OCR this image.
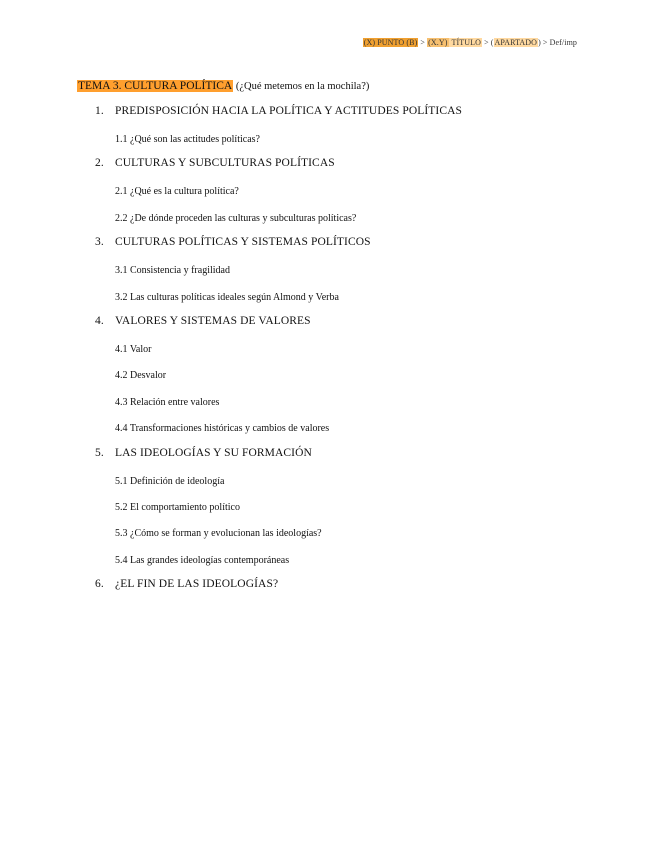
(X) PUNTO (B) > (X.Y) TÍTULO > (APARTADO) > Def/imp
TEMA 3. CULTURA POLÍTICA (¿Qué metemos en la mochila?)
1. PREDISPOSICIÓN HACIA LA POLÍTICA Y ACTITUDES POLÍTICAS
1.1 ¿Qué son las actitudes políticas?
2. CULTURAS Y SUBCULTURAS POLÍTICAS
2.1 ¿Qué es la cultura política?
2.2 ¿De dónde proceden las culturas y subculturas políticas?
3. CULTURAS POLÍTICAS Y SISTEMAS POLÍTICOS
3.1 Consistencia y fragilidad
3.2 Las culturas políticas ideales según Almond y Verba
4. VALORES Y SISTEMAS DE VALORES
4.1 Valor
4.2 Desvalor
4.3 Relación entre valores
4.4 Transformaciones históricas y cambios de valores
5. LAS IDEOLOGÍAS Y SU FORMACIÓN
5.1 Definición de ideología
5.2 El comportamiento político
5.3 ¿Cómo se forman y evolucionan las ideologías?
5.4 Las grandes ideologías contemporáneas
6. ¿EL FIN DE LAS IDEOLOGÍAS?
